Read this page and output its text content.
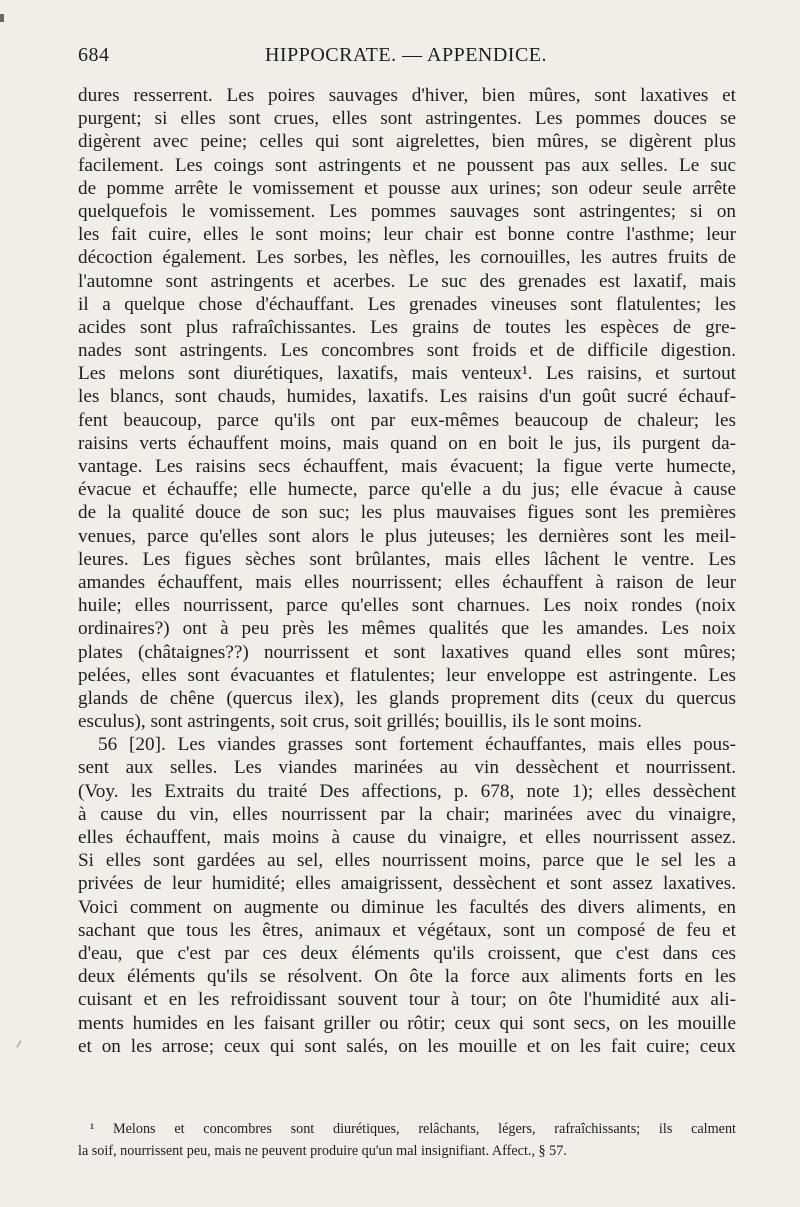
684	HIPPOCRATE. — APPENDICE.
dures resserrent. Les poires sauvages d'hiver, bien mûres, sont laxatives et
purgent; si elles sont crues, elles sont astringentes. Les pommes douces se
digèrent avec peine; celles qui sont aigrelettes, bien mûres, se digèrent plus
facilement. Les coings sont astringents et ne poussent pas aux selles. Le suc
de pomme arrête le vomissement et pousse aux urines; son odeur seule arrête
quelquefois le vomissement. Les pommes sauvages sont astringentes; si on
les fait cuire, elles le sont moins; leur chair est bonne contre l'asthme; leur
décoction également. Les sorbes, les nèfles, les cornouilles, les autres fruits de
l'automne sont astringents et acerbes. Le suc des grenades est laxatif, mais
il a quelque chose d'échauffant. Les grenades vineuses sont flatulentes; les
acides sont plus rafraîchissantes. Les grains de toutes les espèces de gre-
nades sont astringents. Les concombres sont froids et de difficile digestion.
Les melons sont diurétiques, laxatifs, mais venteux¹. Les raisins, et surtout
les blancs, sont chauds, humides, laxatifs. Les raisins d'un goût sucré échauf-
fent beaucoup, parce qu'ils ont par eux-mêmes beaucoup de chaleur; les
raisins verts échauffent moins, mais quand on en boit le jus, ils purgent da-
vantage. Les raisins secs échauffent, mais évacuent; la figue verte humecte,
évacue et échauffe; elle humecte, parce qu'elle a du jus; elle évacue à cause
de la qualité douce de son suc; les plus mauvaises figues sont les premières
venues, parce qu'elles sont alors le plus juteuses; les dernières sont les meil-
leures. Les figues sèches sont brûlantes, mais elles lâchent le ventre. Les
amandes échauffent, mais elles nourrissent; elles échauffent à raison de leur
huile; elles nourrissent, parce qu'elles sont charnues. Les noix rondes (noix
ordinaires?) ont à peu près les mêmes qualités que les amandes. Les noix
plates (châtaignes??) nourrissent et sont laxatives quand elles sont mûres;
pelées, elles sont évacuantes et flatulentes; leur enveloppe est astringente. Les
glands de chêne (quercus ilex), les glands proprement dits (ceux du quercus
esculus), sont astringents, soit crus, soit grillés; bouillis, ils le sont moins.
56 [20]. Les viandes grasses sont fortement échauffantes, mais elles pous-
sent aux selles. Les viandes marinées au vin dessèchent et nourrissent.
(Voy. les Extraits du traité Des affections, p. 678, note 1); elles dessèchent
à cause du vin, elles nourrissent par la chair; marinées avec du vinaigre,
elles échauffent, mais moins à cause du vinaigre, et elles nourrissent assez.
Si elles sont gardées au sel, elles nourrissent moins, parce que le sel les a
privées de leur humidité; elles amaigrissent, dessèchent et sont assez laxatives.
Voici comment on augmente ou diminue les facultés des divers aliments, en
sachant que tous les êtres, animaux et végétaux, sont un composé de feu et
d'eau, que c'est par ces deux éléments qu'ils croissent, que c'est dans ces
deux éléments qu'ils se résolvent. On ôte la force aux aliments forts en les
cuisant et en les refroidissant souvent tour à tour; on ôte l'humidité aux ali-
ments humides en les faisant griller ou rôtir; ceux qui sont secs, on les mouille
et on les arrose; ceux qui sont salés, on les mouille et on les fait cuire; ceux
¹ Melons et concombres sont diurétiques, relâchants, légers, rafraîchissants; ils calment
la soif, nourrissent peu, mais ne peuvent produire qu'un mal insignifiant. Affect., § 57.
